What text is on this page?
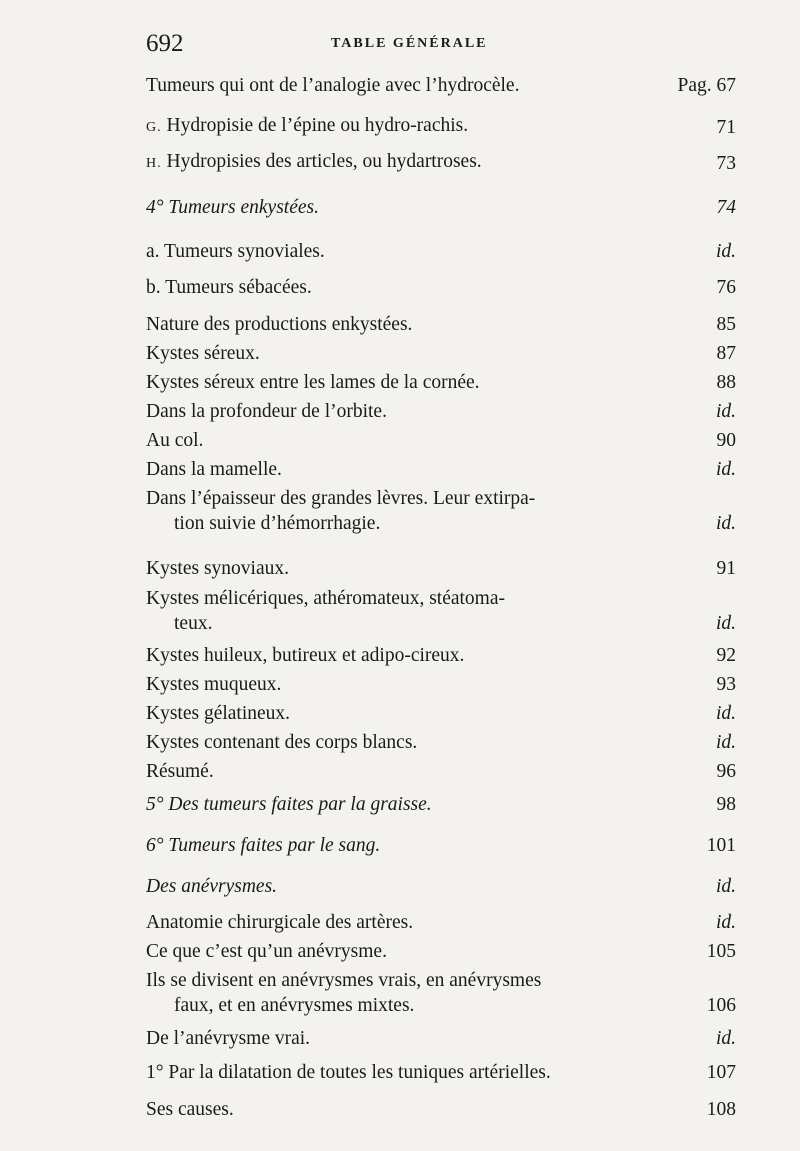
692	TABLE GÉNÉRALE
Tumeurs qui ont de l’analogie avec l’hydrocèle.	Pag. 67
G. Hydropisie de l’épine ou hydro-rachis.	71
H. Hydropisies des articles, ou hydartroses.	73
4° Tumeurs enkystées.	74
a. Tumeurs synoviales.	id.
b. Tumeurs sébacées.	76
Nature des productions enkystées.	85
Kystes séreux.	87
Kystes séreux entre les lames de la cornée.	88
Dans la profondeur de l’orbite.	id.
Au col.	90
Dans la mamelle.	id.
Dans l’épaisseur des grandes lèvres. Leur extirpa-
tion suivie d’hémorrhagie.	id.
Kystes synoviaux.	91
Kystes mélicériques, athéromateux, stéatoma-
teux.	id.
Kystes huileux, butireux et adipo-cireux.	92
Kystes muqueux.	93
Kystes gélatineux.	id.
Kystes contenant des corps blancs.	id.
Résumé.	96
5° Des tumeurs faites par la graisse.	98
6° Tumeurs faites par le sang.	101
Des anévrysmes.	id.
Anatomie chirurgicale des artères.	id.
Ce que c’est qu’un anévrysme.	105
Ils se divisent en anévrysmes vrais, en anévrysmes
faux, et en anévrysmes mixtes.	106
De l’anévrysme vrai.	id.
1° Par la dilatation de toutes les tuniques artérielles.	107
Ses causes.	108
